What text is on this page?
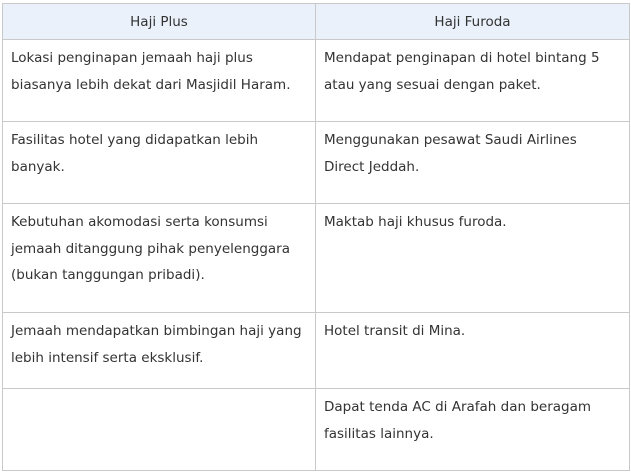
Haji Plus	Haji Furoda
Lokasi penginapan jemaah haji plus biasanya lebih dekat dari Masjidil Haram.	Mendapat penginapan di hotel bintang 5 atau yang sesuai dengan paket.
Fasilitas hotel yang didapatkan lebih banyak.	Menggunakan pesawat Saudi Airlines Direct Jeddah.
Kebutuhan akomodasi serta konsumsi jemaah ditanggung pihak penyelenggara (bukan tanggungan pribadi).	Maktab haji khusus furoda.
Jemaah mendapatkan bimbingan haji yang lebih intensif serta eksklusif.	Hotel transit di Mina.
	Dapat tenda AC di Arafah dan beragam fasilitas lainnya.
